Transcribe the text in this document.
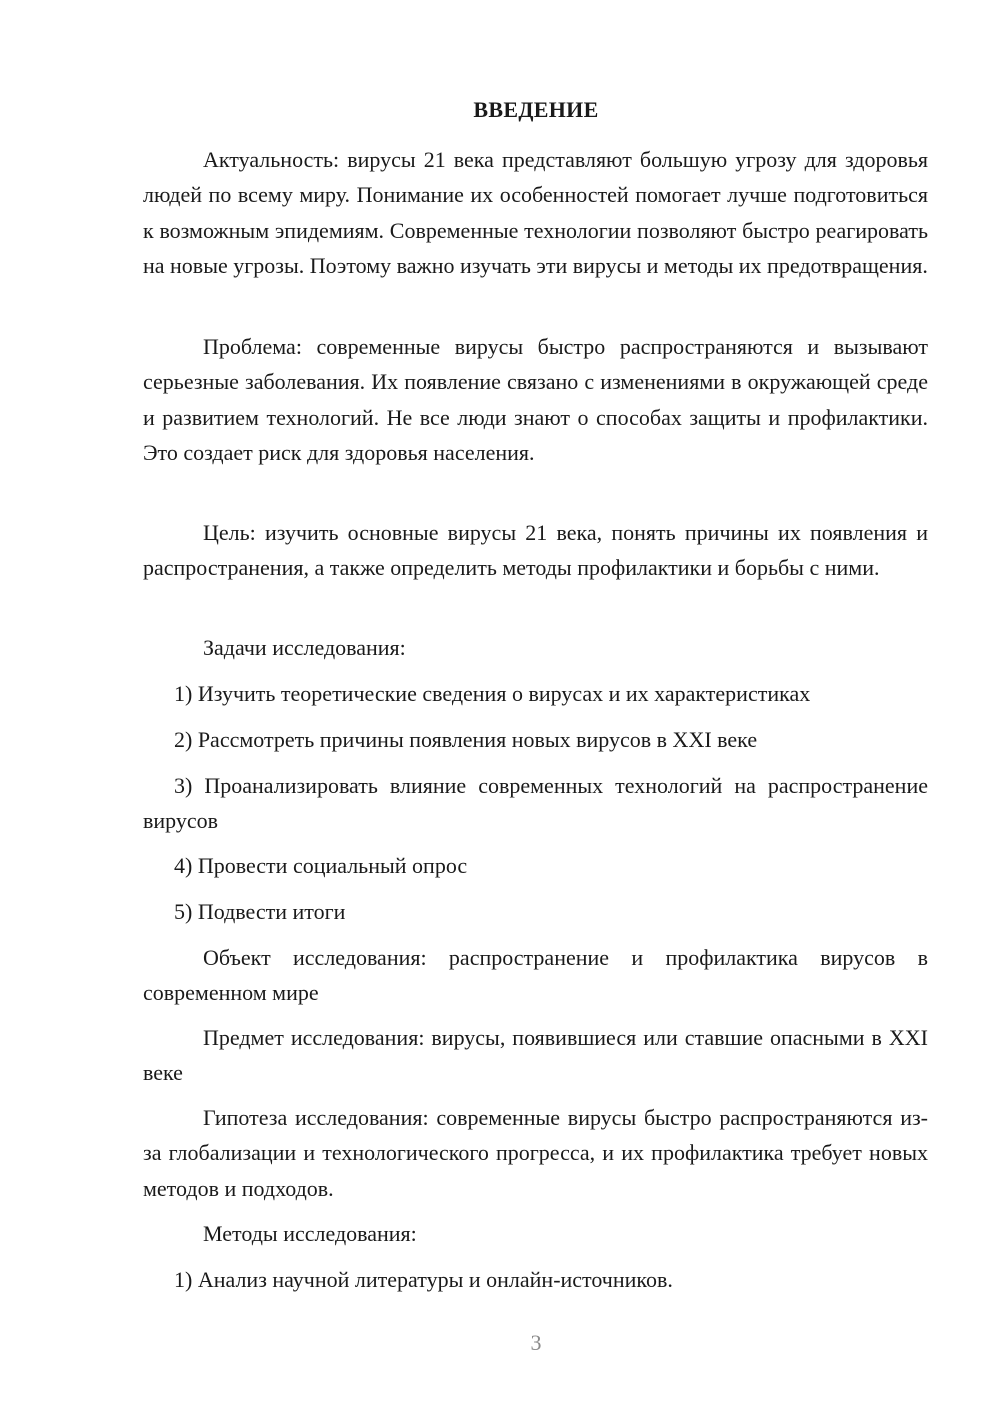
ВВЕДЕНИЕ

Актуальность: вирусы 21 века представляют большую угрозу для здоровья людей по всему миру. Понимание их особенностей помогает лучше подготовиться к возможным эпидемиям. Современные технологии позволяют быстро реагировать на новые угрозы. Поэтому важно изучать эти вирусы и методы их предотвращения.

Проблема: современные вирусы быстро распространяются и вызывают серьезные заболевания. Их появление связано с изменениями в окружающей среде и развитием технологий. Не все люди знают о способах защиты и профилактики. Это создает риск для здоровья населения.

Цель: изучить основные вирусы 21 века, понять причины их появления и распространения, а также определить методы профилактики и борьбы с ними.

Задачи исследования:

1) Изучить теоретические сведения о вирусах и их характеристиках

2) Рассмотреть причины появления новых вирусов в XXI веке

3) Проанализировать влияние современных технологий на распространение вирусов

4) Провести социальный опрос

5) Подвести итоги

Объект исследования: распространение и профилактика вирусов в современном мире

Предмет исследования: вирусы, появившиеся или ставшие опасными в XXI веке

Гипотеза исследования: современные вирусы быстро распространяются из-за глобализации и технологического прогресса, и их профилактика требует новых методов и подходов.

Методы исследования:

1) Анализ научной литературы и онлайн-источников.

3
